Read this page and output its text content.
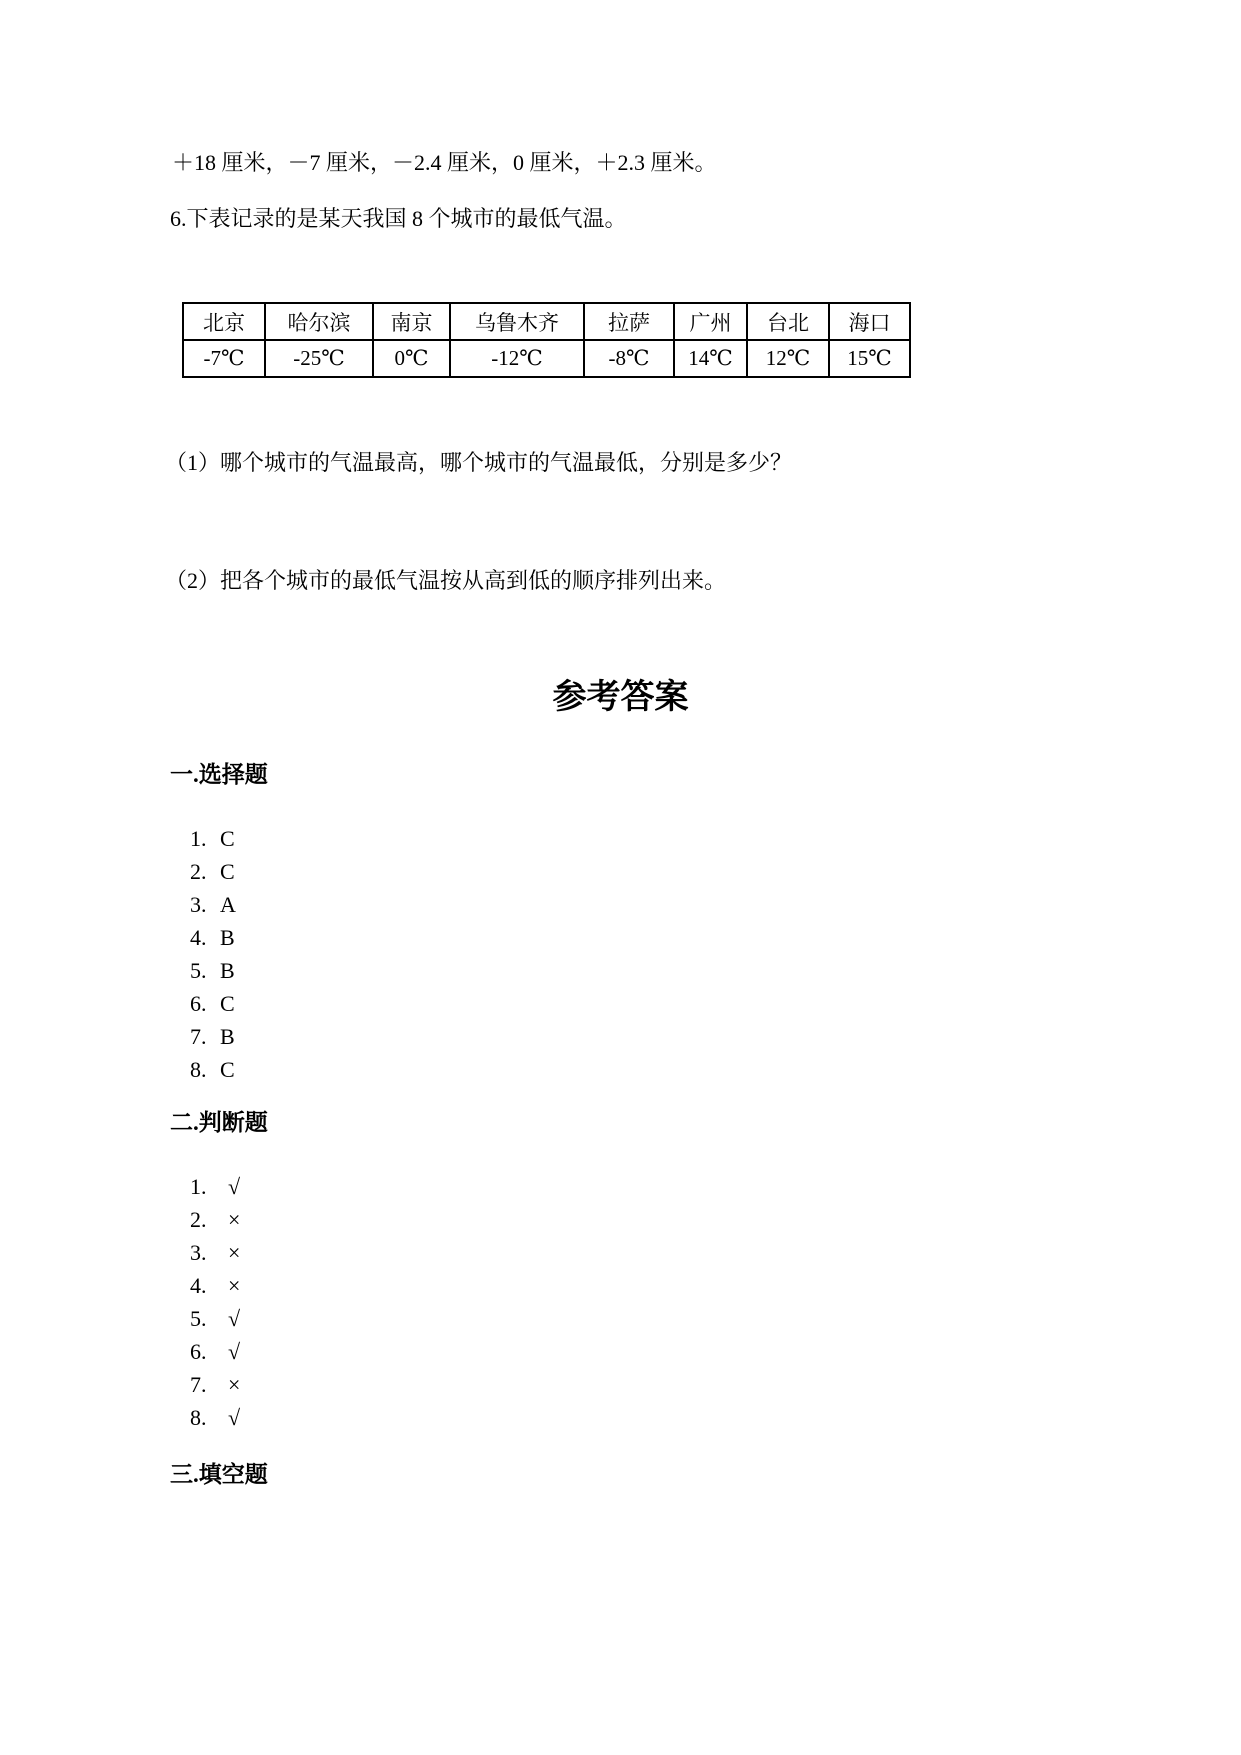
＋18 厘米，－7 厘米，－2.4 厘米，0 厘米，＋2.3 厘米。

6.下表记录的是某天我国 8 个城市的最低气温。

北京	哈尔滨	南京	乌鲁木齐	拉萨	广州	台北	海口
-7℃	-25℃	0℃	-12℃	-8℃	14℃	12℃	15℃

（1）哪个城市的气温最高，哪个城市的气温最低，分别是多少？

（2）把各个城市的最低气温按从高到低的顺序排列出来。

参考答案
一.选择题
1. C
2. C
3. A
4. B
5. B
6. C
7. B
8. C
二.判断题
1. √
2. ×
3. ×
4. ×
5. √
6. √
7. ×
8. √
三.填空题
